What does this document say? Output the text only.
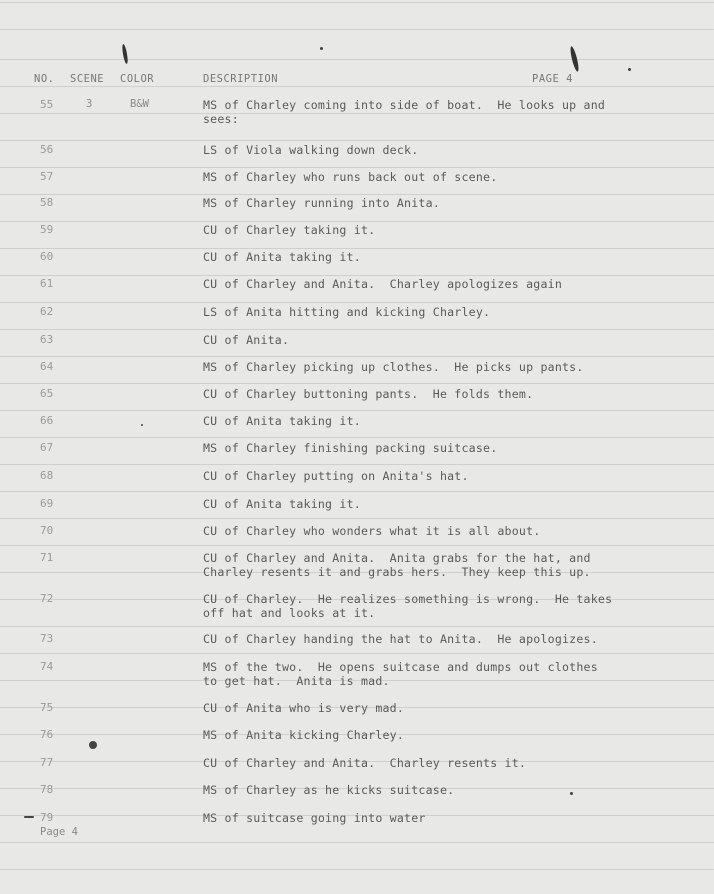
NO. SCENE COLOR	DESCRIPTION	PAGE 4
55	3	B&W	MS of Charley coming into side of boat.  He looks up and
sees:
56	LS of Viola walking down deck.
57	MS of Charley who runs back out of scene.
58	MS of Charley running into Anita.
59	CU of Charley taking it.
60	CU of Anita taking it.
61	CU of Charley and Anita.  Charley apologizes again
62	LS of Anita hitting and kicking Charley.
63	CU of Anita.
64	MS of Charley picking up clothes.  He picks up pants.
65	CU of Charley buttoning pants.  He folds them.
66	CU of Anita taking it.
67	MS of Charley finishing packing suitcase.
68	CU of Charley putting on Anita's hat.
69	CU of Anita taking it.
70	CU of Charley who wonders what it is all about.
71	CU of Charley and Anita.  Anita grabs for the hat, and
Charley resents it and grabs hers.  They keep this up.
72	CU of Charley.  He realizes something is wrong.  He takes
off hat and looks at it.
73	CU of Charley handing the hat to Anita.  He apologizes.
74	MS of the two.  He opens suitcase and dumps out clothes
to get hat.  Anita is mad.
75	CU of Anita who is very mad.
76	MS of Anita kicking Charley.
77	CU of Charley and Anita.  Charley resents it.
78	MS of Charley as he kicks suitcase.
79	MS of suitcase going into water
Page 4
